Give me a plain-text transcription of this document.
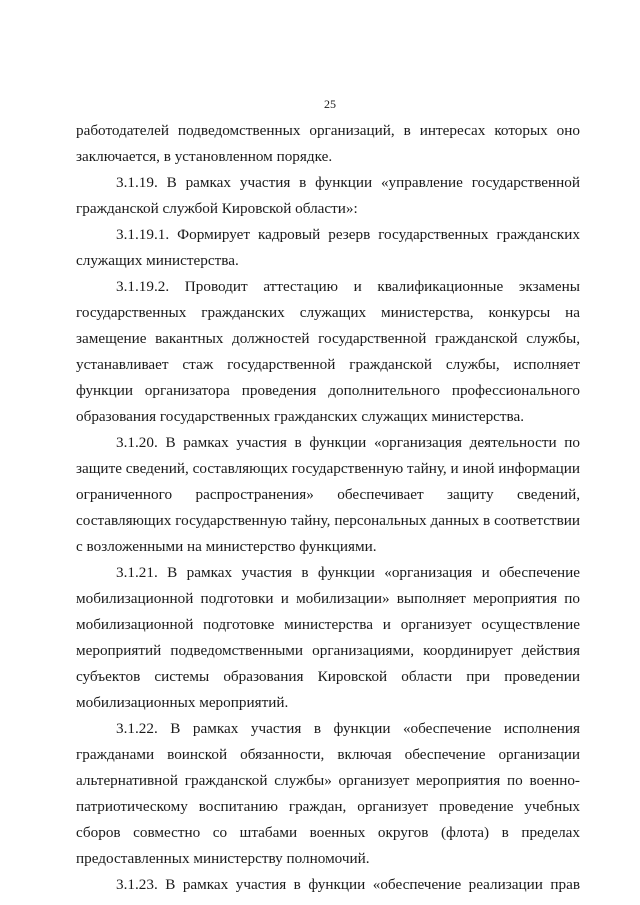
25
работодателей подведомственных организаций, в интересах которых оно
заключается, в установленном порядке.
3.1.19. В рамках участия в функции «управление государственной
гражданской службой Кировской области»:
3.1.19.1. Формирует кадровый резерв государственных гражданских
служащих министерства.
3.1.19.2. Проводит аттестацию и квалификационные экзамены
государственных гражданских служащих министерства, конкурсы на
замещение вакантных должностей государственной гражданской службы,
устанавливает стаж государственной гражданской службы, исполняет
функции организатора проведения дополнительного профессионального
образования государственных гражданских служащих министерства.
3.1.20. В рамках участия в функции «организация деятельности по
защите сведений, составляющих государственную тайну, и иной информации
ограниченного распространения» обеспечивает защиту сведений,
составляющих государственную тайну, персональных данных в соответствии
с возложенными на министерство функциями.
3.1.21. В рамках участия в функции «организация и обеспечение
мобилизационной подготовки и мобилизации» выполняет мероприятия по
мобилизационной подготовке министерства и организует осуществление
мероприятий подведомственными организациями, координирует действия
субъектов системы образования Кировской области при проведении
мобилизационных мероприятий.
3.1.22. В рамках участия в функции «обеспечение исполнения
гражданами воинской обязанности, включая обеспечение организации
альтернативной гражданской службы» организует мероприятия по военно-
патриотическому воспитанию граждан, организует проведение учебных
сборов совместно со штабами военных округов (флота) в пределах
предоставленных министерству полномочий.
3.1.23. В рамках участия в функции «обеспечение реализации прав
